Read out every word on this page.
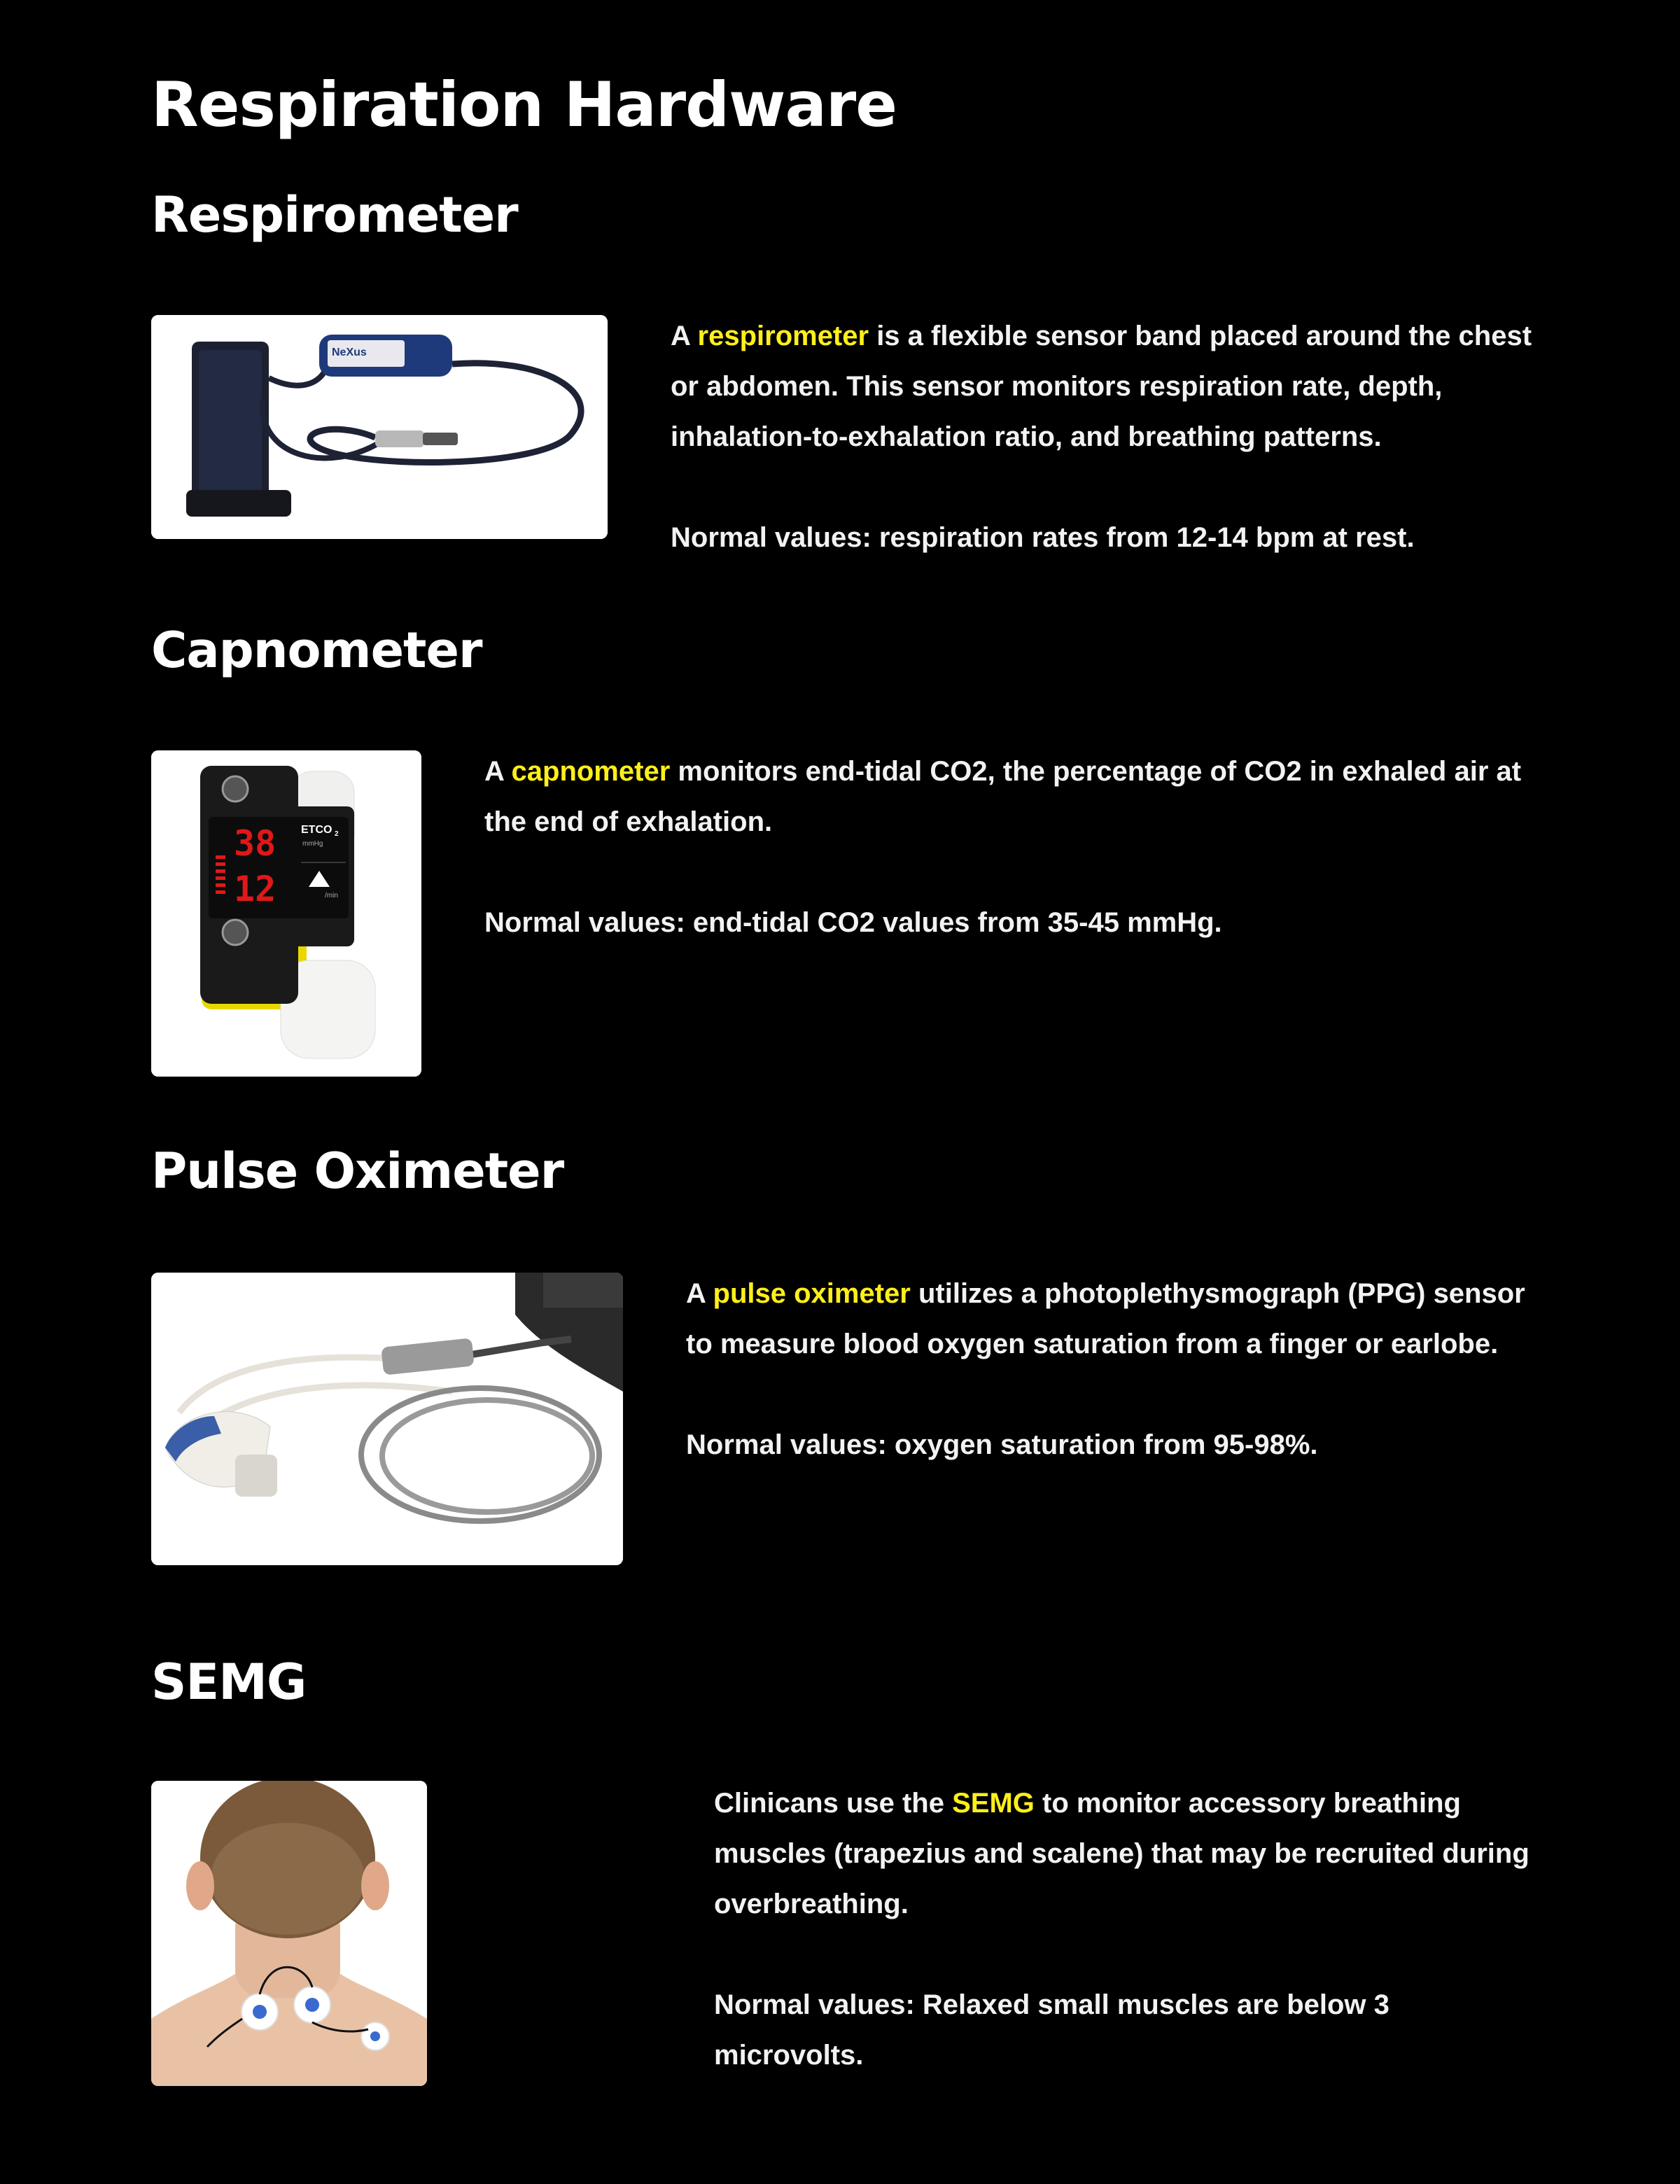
Respiration Hardware
Respirometer
NeXus

A respirometer is a flexible sensor band placed around the chest or abdomen. This sensor monitors respiration rate, depth, inhalation-to-exhalation ratio, and breathing patterns.

Normal values: respiration rates from 12-14 bpm at rest.

Capnometer
38
12
ETCO 2
mmHg
/min

A capnometer monitors end-tidal CO2, the percentage of CO2 in exhaled air at the end of exhalation.

Normal values: end-tidal CO2 values from 35-45 mmHg.

Pulse Oximeter

A pulse oximeter utilizes a photoplethysmograph (PPG) sensor to measure blood oxygen saturation from a finger or earlobe.

Normal values: oxygen saturation from 95-98%.

SEMG

Clinicans use the SEMG to monitor accessory breathing muscles (trapezius and scalene) that may be recruited during overbreathing.

Normal values: Relaxed small muscles are below 3 microvolts.
